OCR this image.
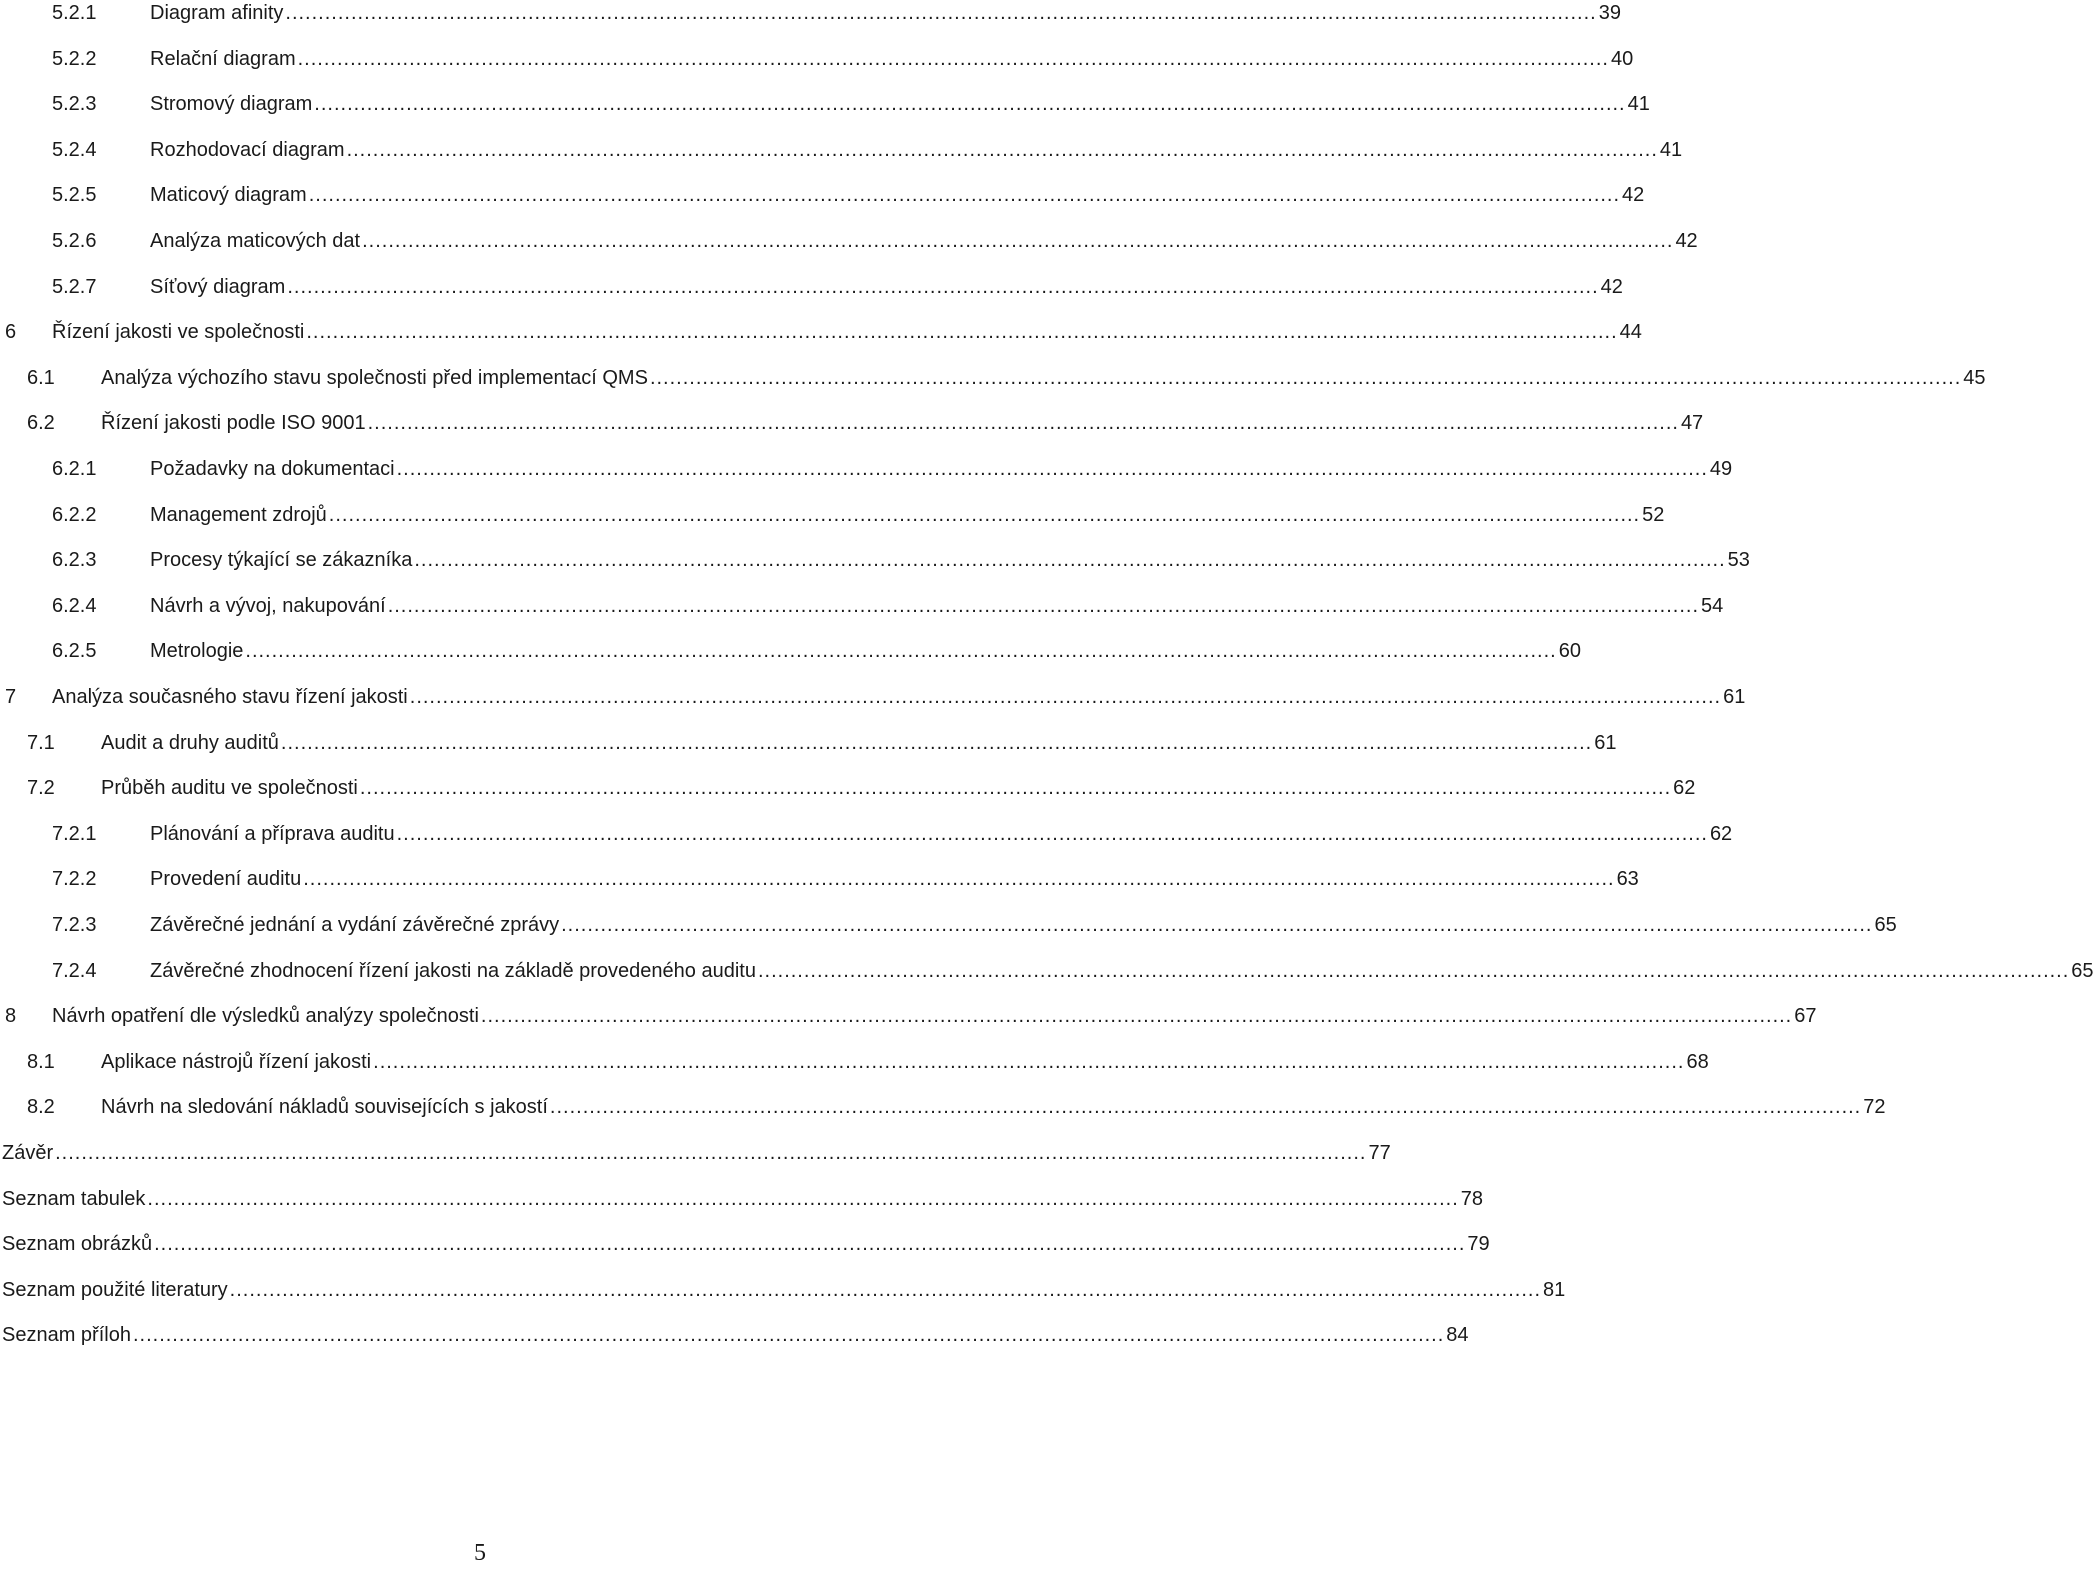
5.2.1	Diagram afinity ........................................................................................................................................................................................................ 39
5.2.2	Relační diagram ........................................................................................................................................................................................................ 40
5.2.3	Stromový diagram ........................................................................................................................................................................................................ 41
5.2.4	Rozhodovací diagram ........................................................................................................................................................................................................ 41
5.2.5	Maticový diagram ........................................................................................................................................................................................................ 42
5.2.6	Analýza maticových dat ........................................................................................................................................................................................................ 42
5.2.7	Síťový diagram ........................................................................................................................................................................................................ 42
6 Řízení jakosti ve společnosti ........................................................................................................................................................................................................ 44
6.1 Analýza výchozího stavu společnosti před implementací QMS ........................................................................................................................................................................................................ 45
6.2 Řízení jakosti podle ISO 9001 ........................................................................................................................................................................................................ 47
6.2.1	Požadavky na dokumentaci ........................................................................................................................................................................................................ 49
6.2.2	Management zdrojů ........................................................................................................................................................................................................ 52
6.2.3	Procesy týkající se zákazníka ........................................................................................................................................................................................................ 53
6.2.4	Návrh a vývoj, nakupování ........................................................................................................................................................................................................ 54
6.2.5	Metrologie ........................................................................................................................................................................................................ 60
7 Analýza současného stavu řízení jakosti ........................................................................................................................................................................................................ 61
7.1 Audit a druhy auditů ........................................................................................................................................................................................................ 61
7.2 Průběh auditu ve společnosti ........................................................................................................................................................................................................ 62
7.2.1	Plánování a příprava auditu ........................................................................................................................................................................................................ 62
7.2.2	Provedení auditu ........................................................................................................................................................................................................ 63
7.2.3	Závěrečné jednání a vydání závěrečné zprávy ........................................................................................................................................................................................................ 65
7.2.4	Závěrečné zhodnocení řízení jakosti na základě provedeného auditu ........................................................................................................................................................................................................ 65
8 Návrh opatření dle výsledků analýzy společnosti ........................................................................................................................................................................................................ 67
8.1 Aplikace nástrojů řízení jakosti ........................................................................................................................................................................................................ 68
8.2 Návrh na sledování nákladů souvisejících s jakostí ........................................................................................................................................................................................................ 72
Závěr ........................................................................................................................................................................................................ 77
Seznam tabulek ........................................................................................................................................................................................................ 78
Seznam obrázků ........................................................................................................................................................................................................ 79
Seznam použité literatury ........................................................................................................................................................................................................ 81
Seznam příloh ........................................................................................................................................................................................................ 84
5
